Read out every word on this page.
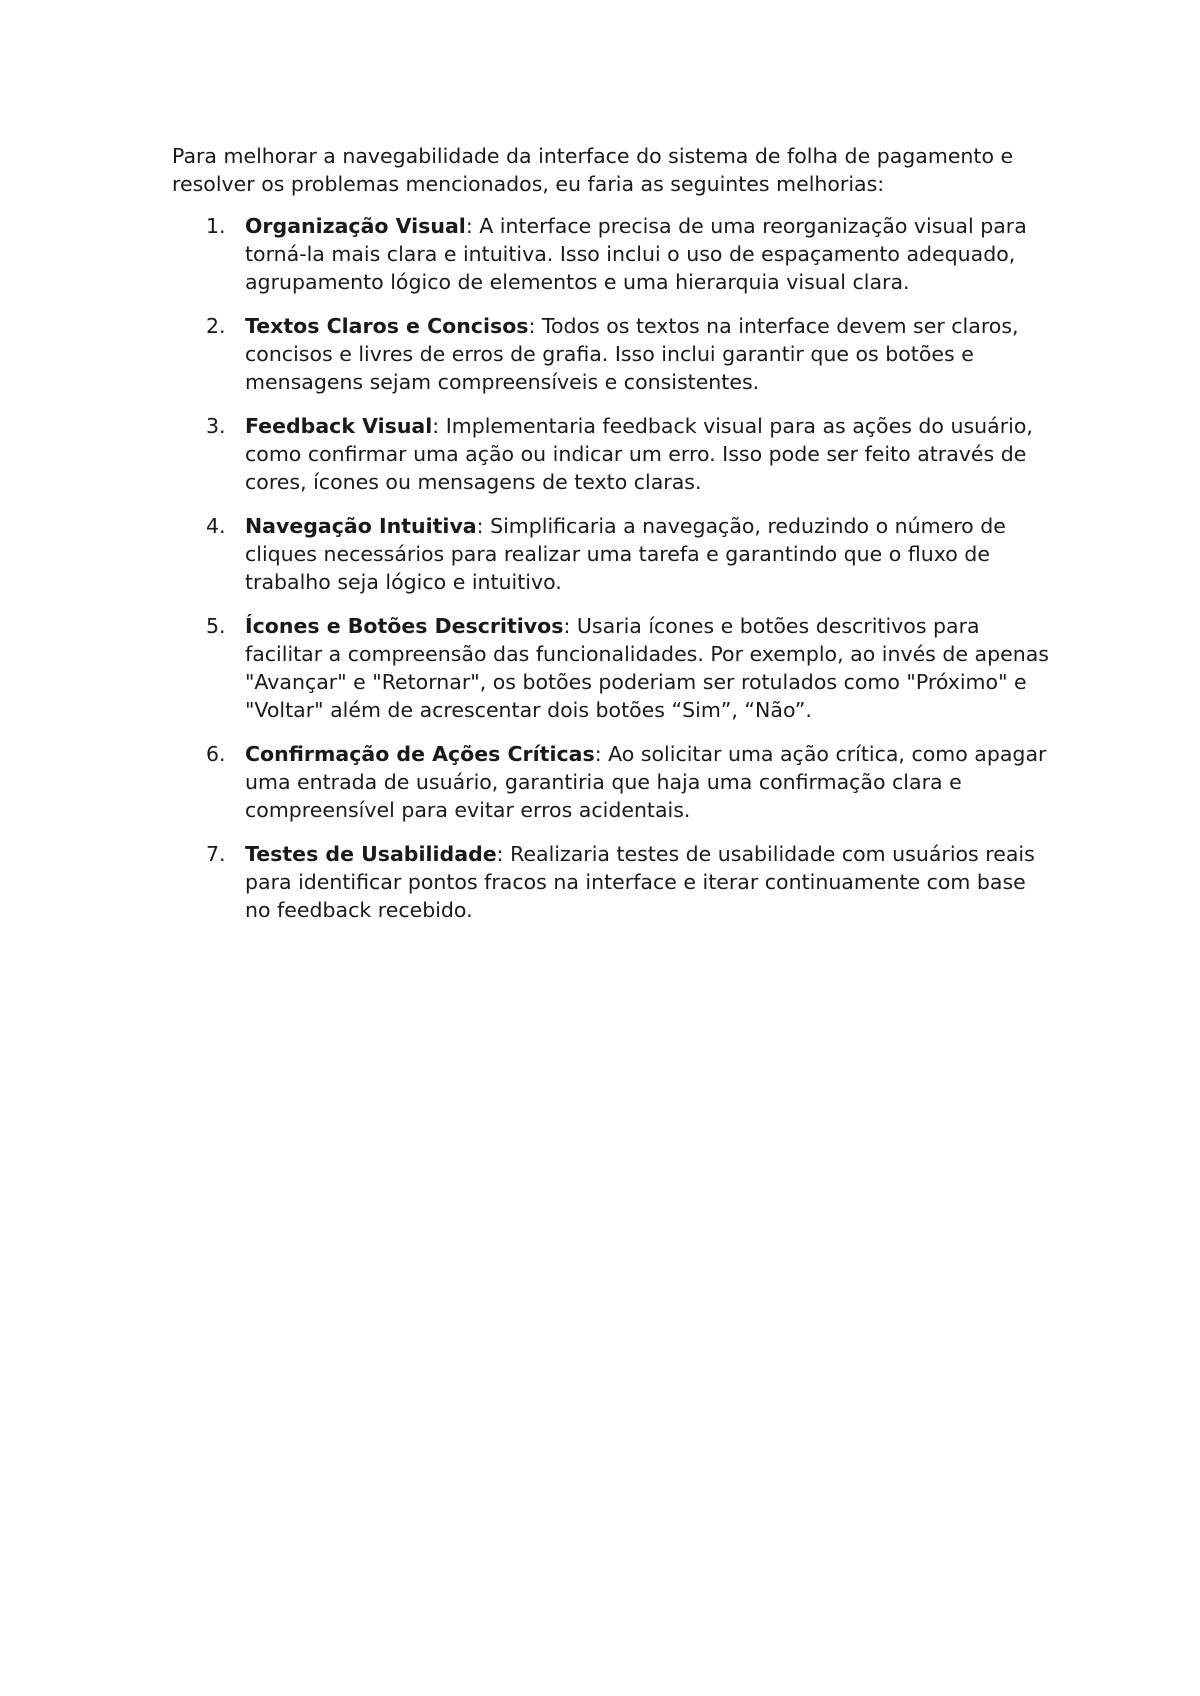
Para melhorar a navegabilidade da interface do sistema de folha de pagamento e resolver os problemas mencionados, eu faria as seguintes melhorias:

1. Organização Visual: A interface precisa de uma reorganização visual para torná-la mais clara e intuitiva. Isso inclui o uso de espaçamento adequado, agrupamento lógico de elementos e uma hierarquia visual clara.
2. Textos Claros e Concisos: Todos os textos na interface devem ser claros, concisos e livres de erros de grafia. Isso inclui garantir que os botões e mensagens sejam compreensíveis e consistentes.
3. Feedback Visual: Implementaria feedback visual para as ações do usuário, como confirmar uma ação ou indicar um erro. Isso pode ser feito através de cores, ícones ou mensagens de texto claras.
4. Navegação Intuitiva: Simplificaria a navegação, reduzindo o número de cliques necessários para realizar uma tarefa e garantindo que o fluxo de trabalho seja lógico e intuitivo.
5. Ícones e Botões Descritivos: Usaria ícones e botões descritivos para facilitar a compreensão das funcionalidades. Por exemplo, ao invés de apenas "Avançar" e "Retornar", os botões poderiam ser rotulados como "Próximo" e "Voltar" além de acrescentar dois botões “Sim”, “Não”.
6. Confirmação de Ações Críticas: Ao solicitar uma ação crítica, como apagar uma entrada de usuário, garantiria que haja uma confirmação clara e compreensível para evitar erros acidentais.
7. Testes de Usabilidade: Realizaria testes de usabilidade com usuários reais para identificar pontos fracos na interface e iterar continuamente com base no feedback recebido.
